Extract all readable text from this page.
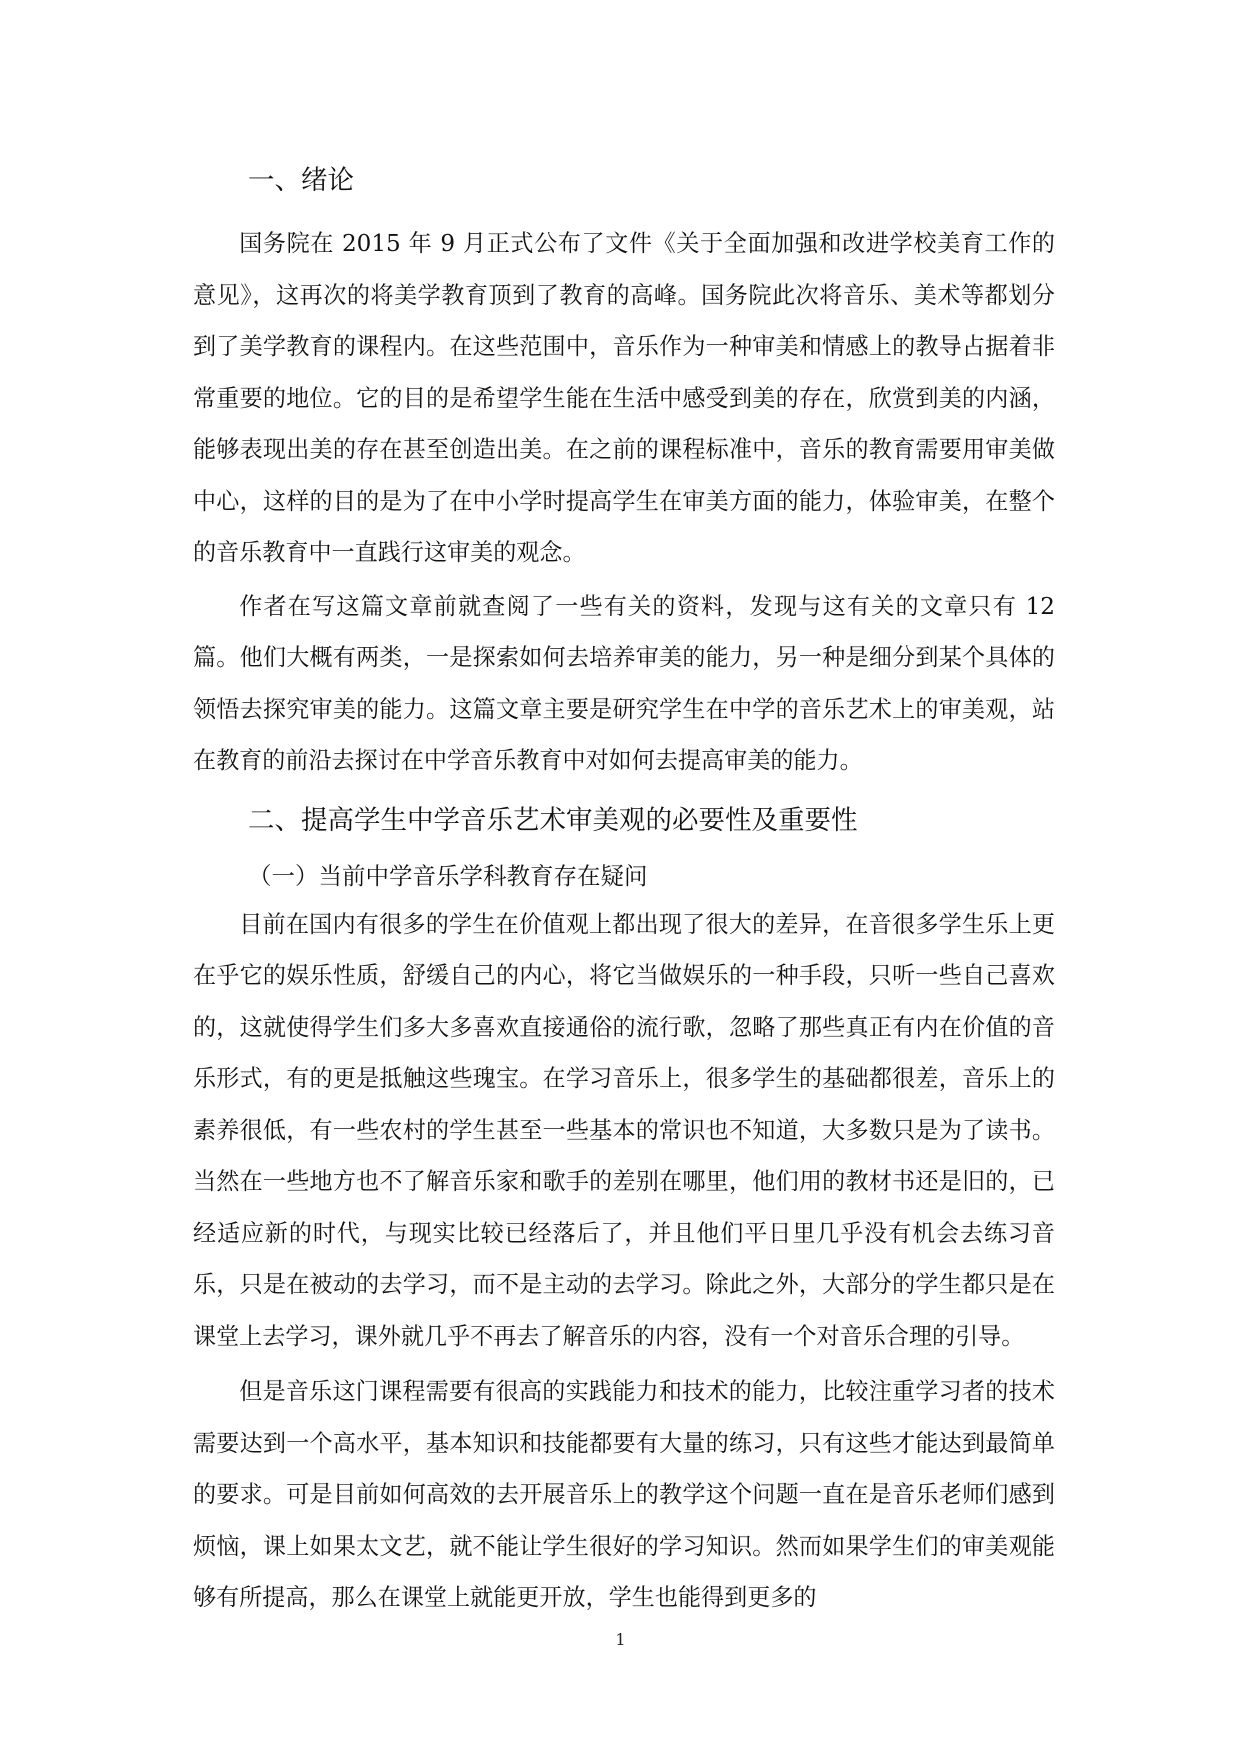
一、绪论

国务院在 2015 年 9 月正式公布了文件《关于全面加强和改进学校美育工作的意见》，这再次的将美学教育顶到了教育的高峰。国务院此次将音乐、美术等都划分到了美学教育的课程内。在这些范围中，音乐作为一种审美和情感上的教导占据着非常重要的地位。它的目的是希望学生能在生活中感受到美的存在，欣赏到美的内涵，能够表现出美的存在甚至创造出美。在之前的课程标准中，音乐的教育需要用审美做中心，这样的目的是为了在中小学时提高学生在审美方面的能力，体验审美，在整个的音乐教育中一直践行这审美的观念。

作者在写这篇文章前就查阅了一些有关的资料，发现与这有关的文章只有 12 篇。他们大概有两类，一是探索如何去培养审美的能力，另一种是细分到某个具体的领悟去探究审美的能力。这篇文章主要是研究学生在中学的音乐艺术上的审美观，站在教育的前沿去探讨在中学音乐教育中对如何去提高审美的能力。

二、提高学生中学音乐艺术审美观的必要性及重要性
（一）当前中学音乐学科教育存在疑问

目前在国内有很多的学生在价值观上都出现了很大的差异，在音很多学生乐上更在乎它的娱乐性质，舒缓自己的内心，将它当做娱乐的一种手段，只听一些自己喜欢的，这就使得学生们多大多喜欢直接通俗的流行歌，忽略了那些真正有内在价值的音乐形式，有的更是抵触这些瑰宝。在学习音乐上，很多学生的基础都很差，音乐上的素养很低，有一些农村的学生甚至一些基本的常识也不知道，大多数只是为了读书。当然在一些地方也不了解音乐家和歌手的差别在哪里，他们用的教材书还是旧的，已经适应新的时代，与现实比较已经落后了，并且他们平日里几乎没有机会去练习音乐，只是在被动的去学习，而不是主动的去学习。除此之外，大部分的学生都只是在课堂上去学习，课外就几乎不再去了解音乐的内容，没有一个对音乐合理的引导。

但是音乐这门课程需要有很高的实践能力和技术的能力，比较注重学习者的技术需要达到一个高水平，基本知识和技能都要有大量的练习，只有这些才能达到最简单的要求。可是目前如何高效的去开展音乐上的教学这个问题一直在是音乐老师们感到烦恼，课上如果太文艺，就不能让学生很好的学习知识。然而如果学生们的审美观能够有所提高，那么在课堂上就能更开放，学生也能得到更多的

1
